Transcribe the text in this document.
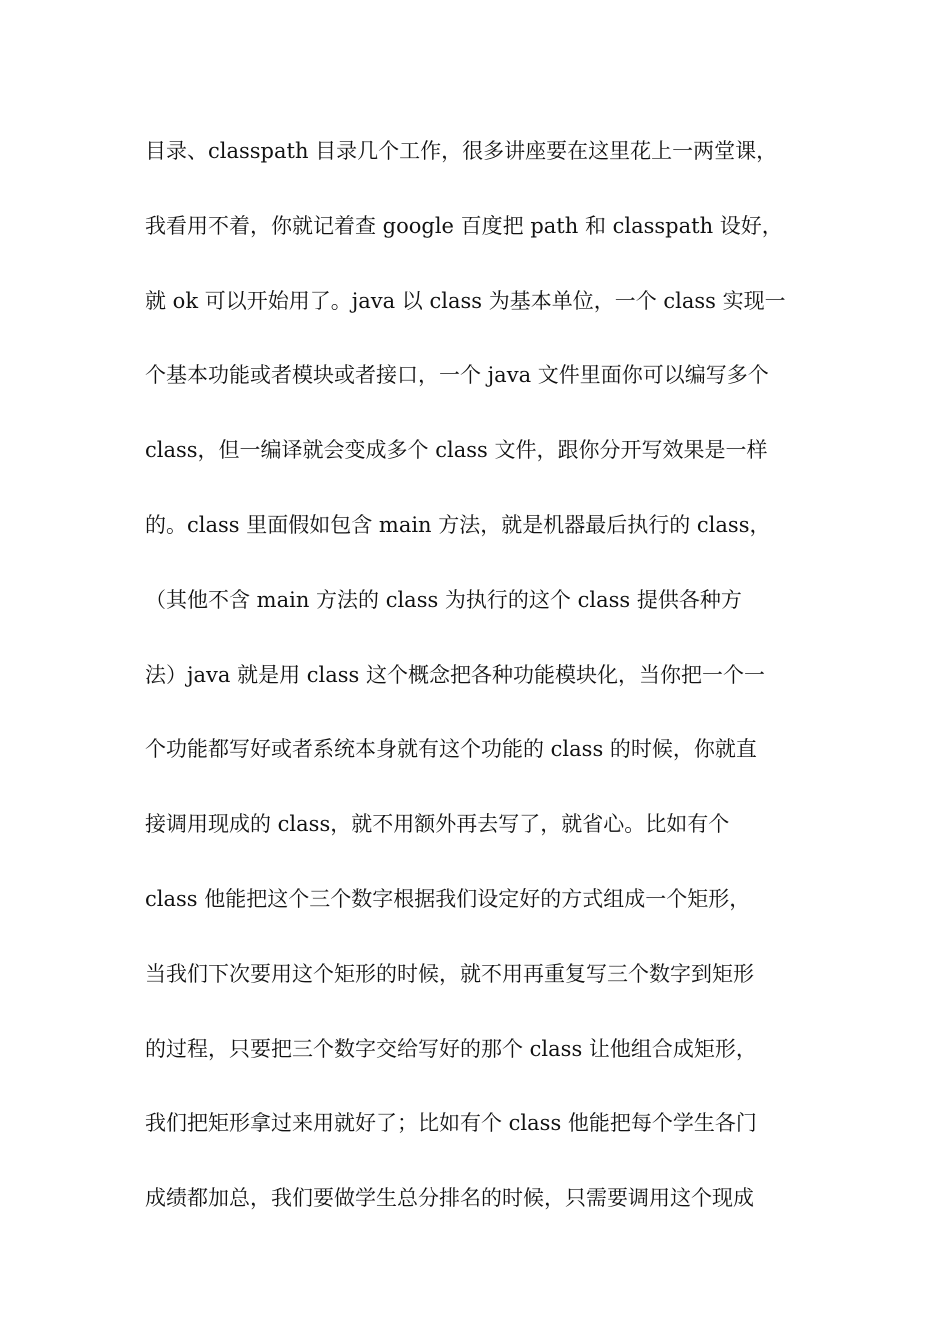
目录、classpath 目录几个工作，很多讲座要在这里花上一两堂课，
我看用不着，你就记着查 google 百度把 path 和 classpath 设好，
就 ok 可以开始用了。java 以 class 为基本单位，一个 class 实现一
个基本功能或者模块或者接口，一个 java 文件里面你可以编写多个
class，但一编译就会变成多个 class 文件，跟你分开写效果是一样
的。class 里面假如包含 main 方法，就是机器最后执行的 class，
（其他不含 main 方法的 class 为执行的这个 class 提供各种方
法）java 就是用 class 这个概念把各种功能模块化，当你把一个一
个功能都写好或者系统本身就有这个功能的 class 的时候，你就直
接调用现成的 class，就不用额外再去写了，就省心。比如有个
class 他能把这个三个数字根据我们设定好的方式组成一个矩形，
当我们下次要用这个矩形的时候，就不用再重复写三个数字到矩形
的过程，只要把三个数字交给写好的那个 class 让他组合成矩形，
我们把矩形拿过来用就好了；比如有个 class 他能把每个学生各门
成绩都加总，我们要做学生总分排名的时候，只需要调用这个现成
